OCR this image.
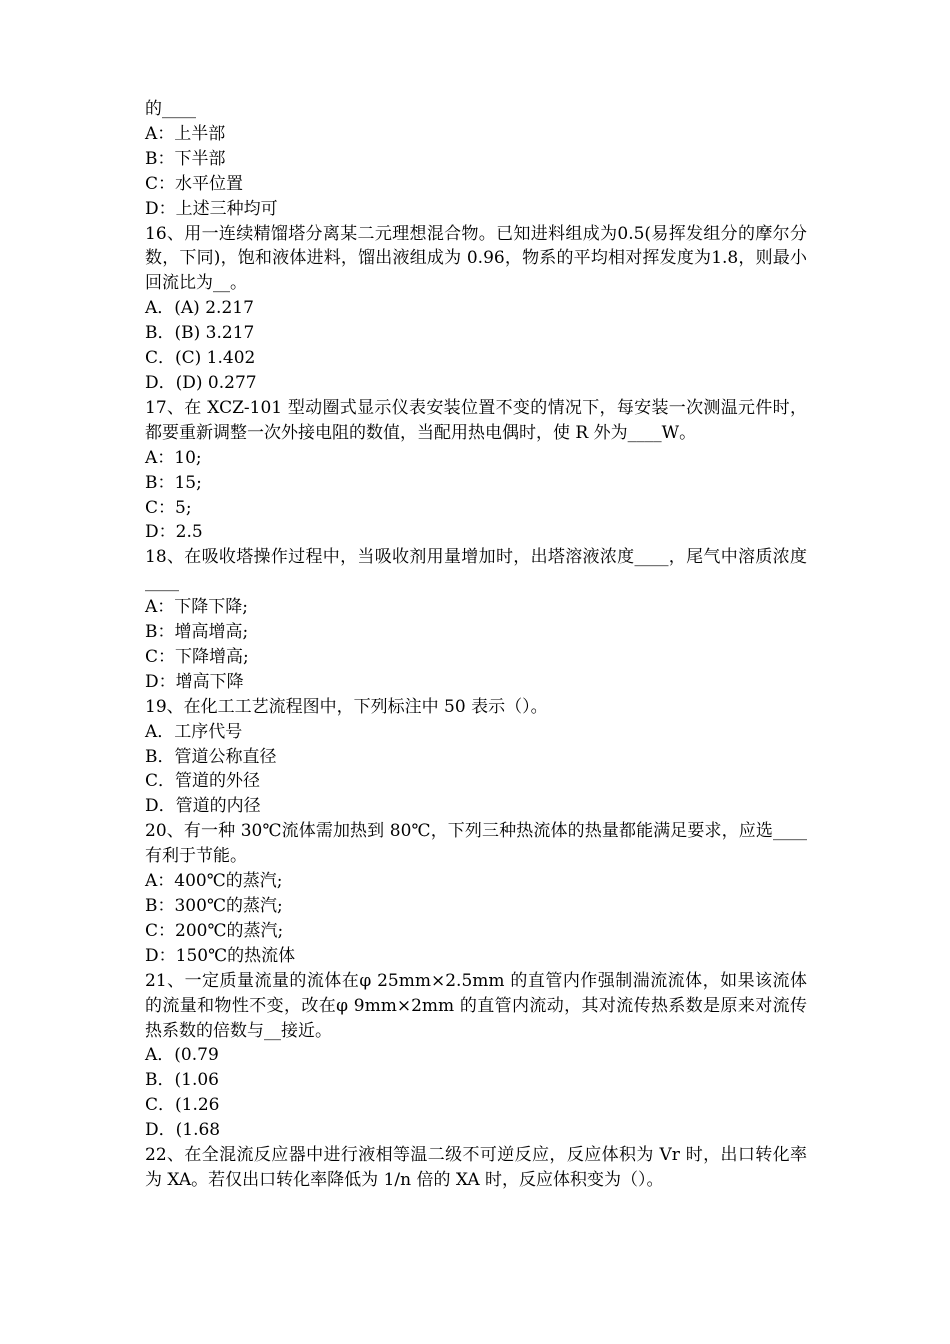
的____
A：上半部
B：下半部
C：水平位置
D：上述三种均可
16、用一连续精馏塔分离某二元理想混合物。已知进料组成为0.5(易挥发组分的摩尔分数，下同)，饱和液体进料，馏出液组成为 0.96，物系的平均相对挥发度为1.8，则最小回流比为__。
A．(A) 2.217
B．(B) 3.217
C．(C) 1.402
D．(D) 0.277
17、在 XCZ-101 型动圈式显示仪表安装位置不变的情况下，每安装一次测温元件时，都要重新调整一次外接电阻的数值，当配用热电偶时，使 R 外为____W。
A：10;
B：15;
C：5;
D：2.5
18、在吸收塔操作过程中，当吸收剂用量增加时，出塔溶液浓度____，尾气中溶质浓度____
A：下降下降;
B：增高增高;
C：下降增高;
D：增高下降
19、在化工工艺流程图中，下列标注中 50 表示（）。
A．工序代号
B．管道公称直径
C．管道的外径
D．管道的内径
20、有一种 30℃流体需加热到 80℃，下列三种热流体的热量都能满足要求，应选____有利于节能。
A：400℃的蒸汽;
B：300℃的蒸汽;
C：200℃的蒸汽;
D：150℃的热流体
21、一定质量流量的流体在φ 25mm×2.5mm 的直管内作强制湍流流体，如果该流体的流量和物性不变，改在φ 9mm×2mm 的直管内流动，其对流传热系数是原来对流传热系数的倍数与__接近。
A．(0.79
B．(1.06
C．(1.26
D．(1.68
22、在全混流反应器中进行液相等温二级不可逆反应，反应体积为 Vr 时，出口转化率为 XA。若仅出口转化率降低为 1/n 倍的 XA 时，反应体积变为（）。
